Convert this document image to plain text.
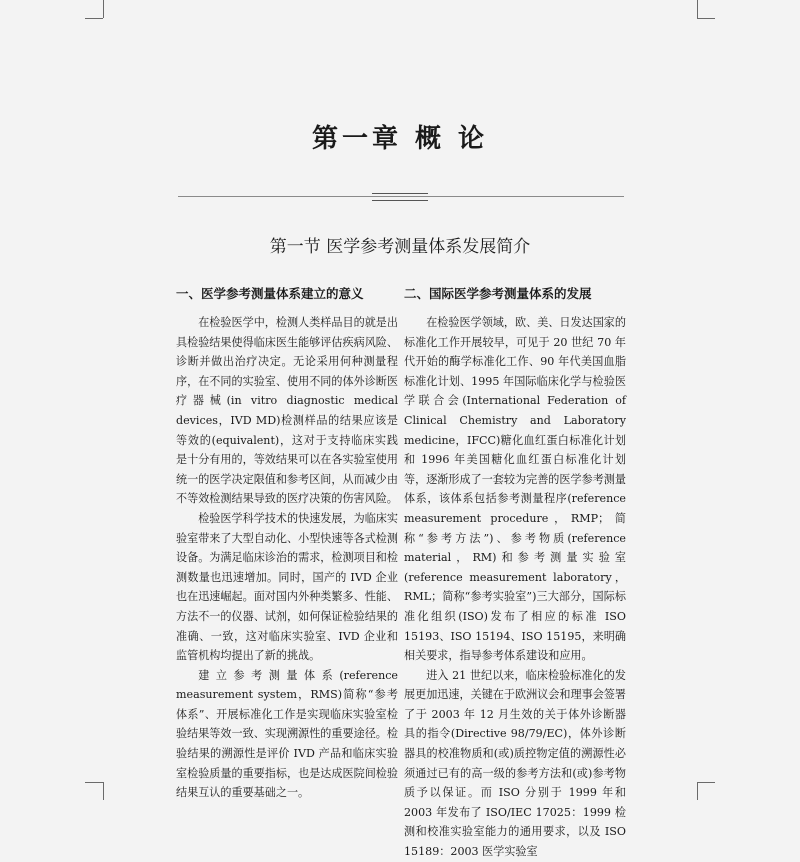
第一章 概 论
第一节 医学参考测量体系发展简介
一、医学参考测量体系建立的意义

在检验医学中，检测人类样品目的就是出具检验结果使得临床医生能够评估疾病风险、诊断并做出治疗决定。无论采用何种测量程序，在不同的实验室、使用不同的体外诊断医疗器械(in vitro diagnostic medical devices，IVD MD)检测样品的结果应该是等效的(equivalent)，这对于支持临床实践是十分有用的，等效结果可以在各实验室使用统一的医学决定限值和参考区间，从而减少由不等效检测结果导致的医疗决策的伤害风险。

检验医学科学技术的快速发展，为临床实验室带来了大型自动化、小型快速等各式检测设备。为满足临床诊治的需求，检测项目和检测数量也迅速增加。同时，国产的 IVD 企业也在迅速崛起。面对国内外种类繁多、性能、方法不一的仪器、试剂，如何保证检验结果的准确、一致，这对临床实验室、IVD 企业和监管机构均提出了新的挑战。

建立参考测量体系(reference measurement system，RMS)简称“参考体系”、开展标准化工作是实现临床实验室检验结果等效一致、实现溯源性的重要途径。检验结果的溯源性是评价 IVD 产品和临床实验室检验质量的重要指标，也是达成医院间检验结果互认的重要基础之一。

二、国际医学参考测量体系的发展

在检验医学领域，欧、美、日发达国家的标准化工作开展较早，可见于 20 世纪 70 年代开始的酶学标准化工作、90 年代美国血脂标准化计划、1995 年国际临床化学与检验医学联合会(International Federation of Clinical Chemistry and Laboratory medicine，IFCC)糖化血红蛋白标准化计划和 1996 年美国糖化血红蛋白标准化计划等，逐渐形成了一套较为完善的医学参考测量体系，该体系包括参考测量程序(reference measurement procedure，RMP；简称“参考方法”)、参考物质(reference material，RM)和参考测量实验室(reference measurement laboratory，RML；简称“参考实验室”)三大部分，国际标准化组织(ISO)发布了相应的标准 ISO 15193、ISO 15194、ISO 15195，来明确相关要求，指导参考体系建设和应用。

进入 21 世纪以来，临床检验标准化的发展更加迅速，关键在于欧洲议会和理事会签署了于 2003 年 12 月生效的关于体外诊断器具的指令(Directive 98/79/EC)，体外诊断器具的校准物质和(或)质控物定值的溯源性必须通过已有的高一级的参考方法和(或)参考物质予以保证。而 ISO 分别于 1999 年和 2003 年发布了 ISO/IEC 17025：1999 检测和校准实验室能力的通用要求，以及 ISO 15189：2003 医学实验室
